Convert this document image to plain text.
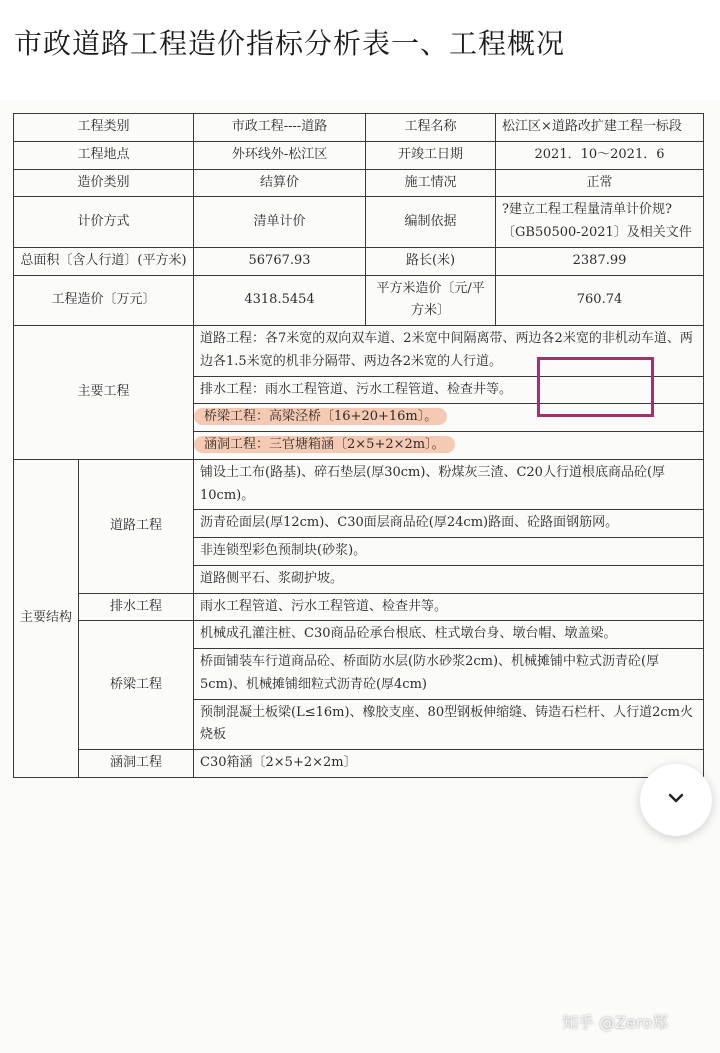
市政道路工程造价指标分析表一、工程概况
工程类别		市政工程----道路	工程名称	松江区×道路改扩建工程一标段
工程地点		外环线外-松江区	开竣工日期	2021．10～2021．6
造价类别		结算价	施工情况	正常
计价方式		清单计价	编制依据	?建立工程工程量清单计价规?〔GB50500-2021〕及相关文件
总面积〔含人行道〕(平方米)		56767.93	路长(米)	2387.99
工程造价〔万元〕		4318.5454	平方米造价〔元/平方米〕	760.74
主要工程		道路工程：各7米宽的双向双车道、2米宽中间隔离带、两边各2米宽的非机动车道、两边各1.5米宽的机非分隔带、两边各2米宽的人行道。		
		排水工程：雨水工程管道、污水工程管道、检查井等。		
		桥梁工程：高梁泾桥〔16+20+16m〕。		
		涵洞工程：三官塘箱涵〔2×5+2×2m〕。		
主要结构	道路工程	铺设土工布(路基)、碎石垫层(厚30cm)、粉煤灰三渣、C20人行道根底商品砼(厚10cm)。		
		沥青砼面层(厚12cm)、C30面层商品砼(厚24cm)路面、砼路面钢筋网。		
		非连锁型彩色预制块(砂浆)。		
		道路侧平石、浆砌护坡。		
	排水工程	雨水工程管道、污水工程管道、检查井等。		
	桥梁工程	机械成孔灌注桩、C30商品砼承台根底、柱式墩台身、墩台帽、墩盖梁。		
		桥面铺装车行道商品砼、桥面防水层(防水砂浆2cm)、机械摊铺中粒式沥青砼(厚5cm)、机械摊铺细粒式沥青砼(厚4cm)		
		预制混凝土板梁(L≤16m)、橡胶支座、80型钢板伸缩缝、铸造石栏杆、人行道2cm火烧板		
	涵洞工程	C30箱涵〔2×5+2×2m〕		
知乎 @Zero郑
